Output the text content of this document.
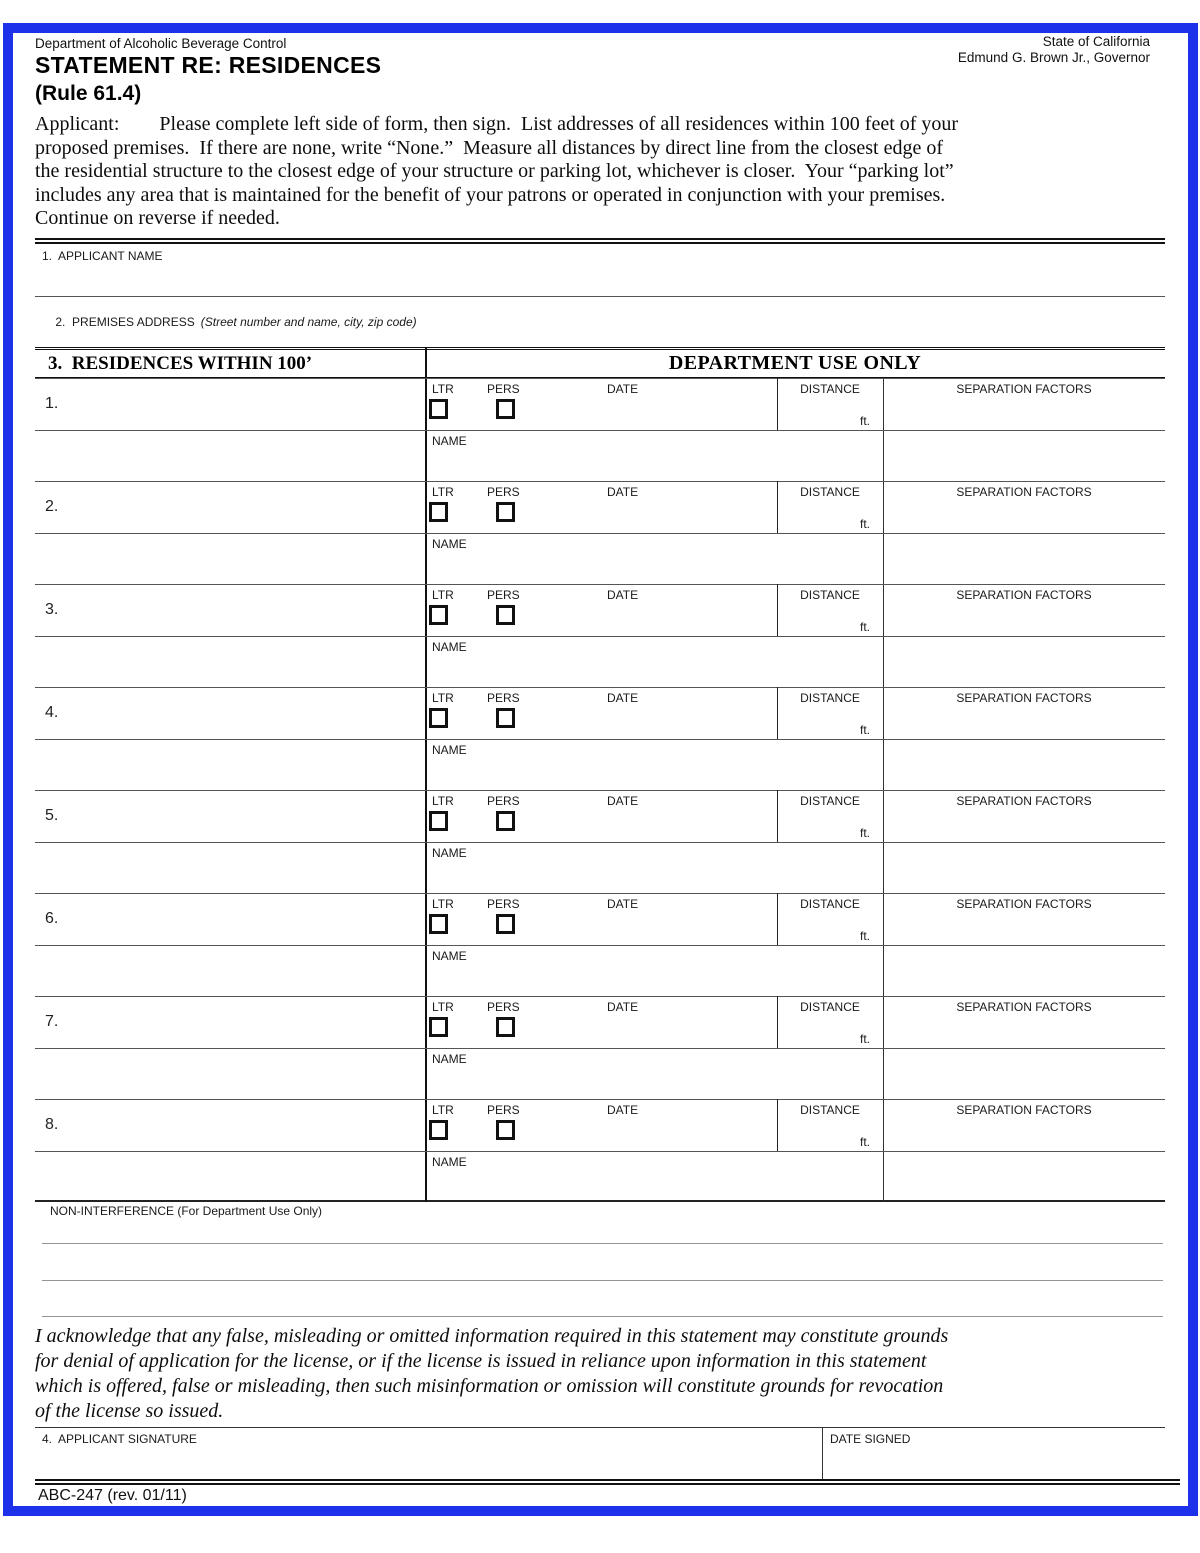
Department of Alcoholic Beverage Control
STATEMENT RE: RESIDENCES
(Rule 61.4)
State of California
Edmund G. Brown Jr., Governor
Applicant:        Please complete left side of form, then sign.  List addresses of all residences within 100 feet of your
proposed premises.  If there are none, write “None.”  Measure all distances by direct line from the closest edge of
the residential structure to the closest edge of your structure or parking lot, whichever is closer.  Your “parking lot”
includes any area that is maintained for the benefit of your patrons or operated in conjunction with your premises.
Continue on reverse if needed.
1.  APPLICANT NAME

2.  PREMISES ADDRESS (Street number and name, city, zip code)

3.  RESIDENCES WITHIN 100’	DEPARTMENT USE ONLY
1.
LTR	PERS	DATE	DISTANCE	SEPARATION FACTORS
ft.
NAME
2.
LTR	PERS	DATE	DISTANCE	SEPARATION FACTORS
ft.
NAME
3.
LTR	PERS	DATE	DISTANCE	SEPARATION FACTORS
ft.
NAME
4.
LTR	PERS	DATE	DISTANCE	SEPARATION FACTORS
ft.
NAME
5.
LTR	PERS	DATE	DISTANCE	SEPARATION FACTORS
ft.
NAME
6.
LTR	PERS	DATE	DISTANCE	SEPARATION FACTORS
ft.
NAME
7.
LTR	PERS	DATE	DISTANCE	SEPARATION FACTORS
ft.
NAME
8.
LTR	PERS	DATE	DISTANCE	SEPARATION FACTORS
ft.
NAME
NON-INTERFERENCE (For Department Use Only)
I acknowledge that any false, misleading or omitted information required in this statement may constitute grounds
for denial of application for the license, or if the license is issued in reliance upon information in this statement
which is offered, false or misleading, then such misinformation or omission will constitute grounds for revocation
of the license so issued.
4.  APPLICANT SIGNATURE	DATE SIGNED
ABC-247 (rev. 01/11)
